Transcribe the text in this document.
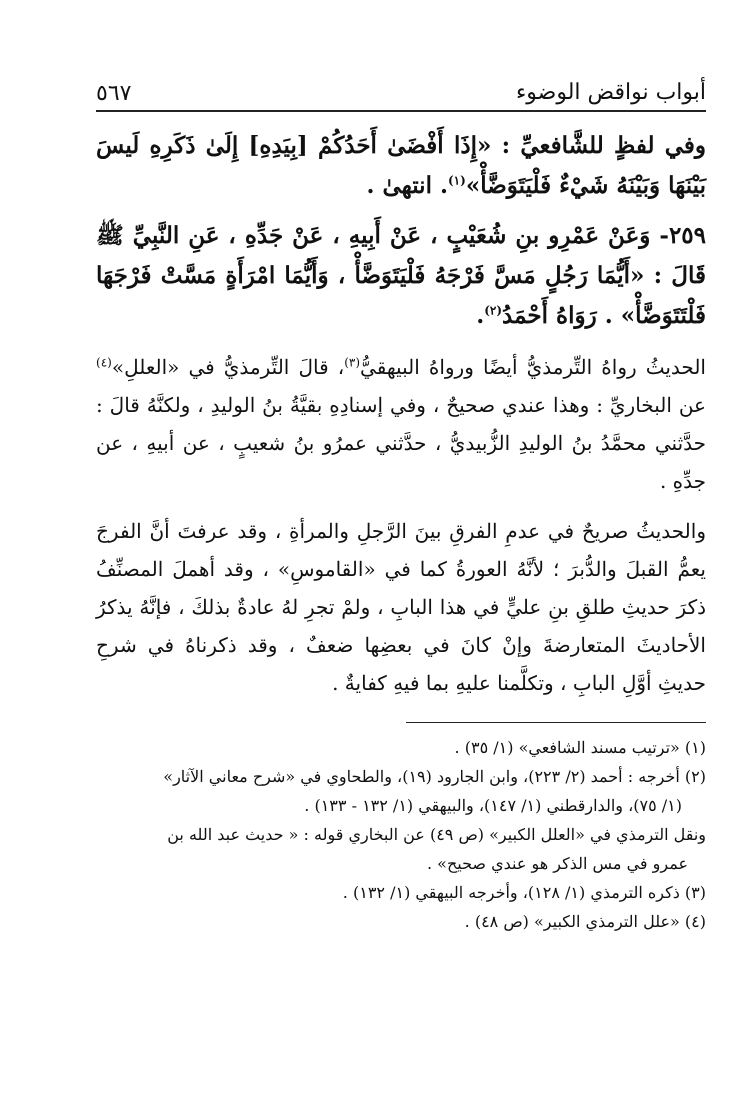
أبواب نواقض الوضوء
٥٦٧

وفي لفظٍ للشَّافعيِّ : «إِذَا أَفْضَىٰ أَحَدُكُمْ [بِيَدِهِ] إِلَىٰ ذَكَرِهِ لَيسَ بَيْنَهَا وَبَيْنَهُ شَيْءٌ فَلْيَتَوَضَّأْ»$^{(١)}$. انتهىٰ .

٢٥٩- وَعَنْ عَمْرِو بنِ شُعَيْبٍ ، عَنْ أَبِيهِ ، عَنْ جَدِّهِ ، عَنِ النَّبِيِّ ﷺ قَالَ : «أَيُّمَا رَجُلٍ مَسَّ فَرْجَهُ فَلْيَتَوَضَّأْ ، وَأَيُّمَا امْرَأَةٍ مَسَّتْ فَرْجَهَا فَلْتَتَوَضَّأْ» . رَوَاهُ أَحْمَدُ$^{(٢)}$.

الحديثُ رواهُ التِّرمذيُّ أيضًا ورواهُ البيهقيُّ$^{(٣)}$، قالَ التِّرمذيُّ في «العللِ»$^{(٤)}$ عن البخاريِّ : وهذا عندي صحيحٌ ، وفي إسنادِهِ بقيَّةُ بنُ الوليدِ ، ولكنَّهُ قالَ : حدَّثني محمَّدُ بنُ الوليدِ الزُّبيديُّ ، حدَّثني عمرُو بنُ شعيبٍ ، عن أبيهِ ، عن جدِّهِ .

والحديثُ صريحٌ في عدمِ الفرقِ بينَ الرَّجلِ والمرأةِ ، وقد عرفتَ أنَّ الفرجَ يعمُّ القبلَ والدُّبرَ ؛ لأنَّهُ العورةُ كما في «القاموسِ» ، وقد أهملَ المصنِّفُ ذكرَ حديثِ طلقِ بنِ عليٍّ في هذا البابِ ، ولمْ تجرِ لهُ عادةٌ بذلكَ ، فإنَّهُ يذكرُ الأحاديثَ المتعارضةَ وإنْ كانَ في بعضِها ضعفٌ ، وقد ذكرناهُ في شرحِ حديثِ أوَّلِ البابِ ، وتكلَّمنا عليهِ بما فيهِ كفايةٌ .

(١) «ترتيب مسند الشافعي» (١/ ٣٥) .

(٢) أخرجه : أحمد (٢/ ٢٢٣)، وابن الجارود (١٩)، والطحاوي في «شرح معاني الآثار»

(١/ ٧٥)، والدارقطني (١/ ١٤٧)، والبيهقي (١/ ١٣٢ - ١٣٣) .

ونقل الترمذي في «العلل الكبير» (ص ٤٩) عن البخاري قوله : « حديث عبد الله بن

عمرو في مس الذكر هو عندي صحيح» .

(٣) ذكره الترمذي (١/ ١٢٨)، وأخرجه البيهقي (١/ ١٣٢) .

(٤) «علل الترمذي الكبير» (ص ٤٨) .
